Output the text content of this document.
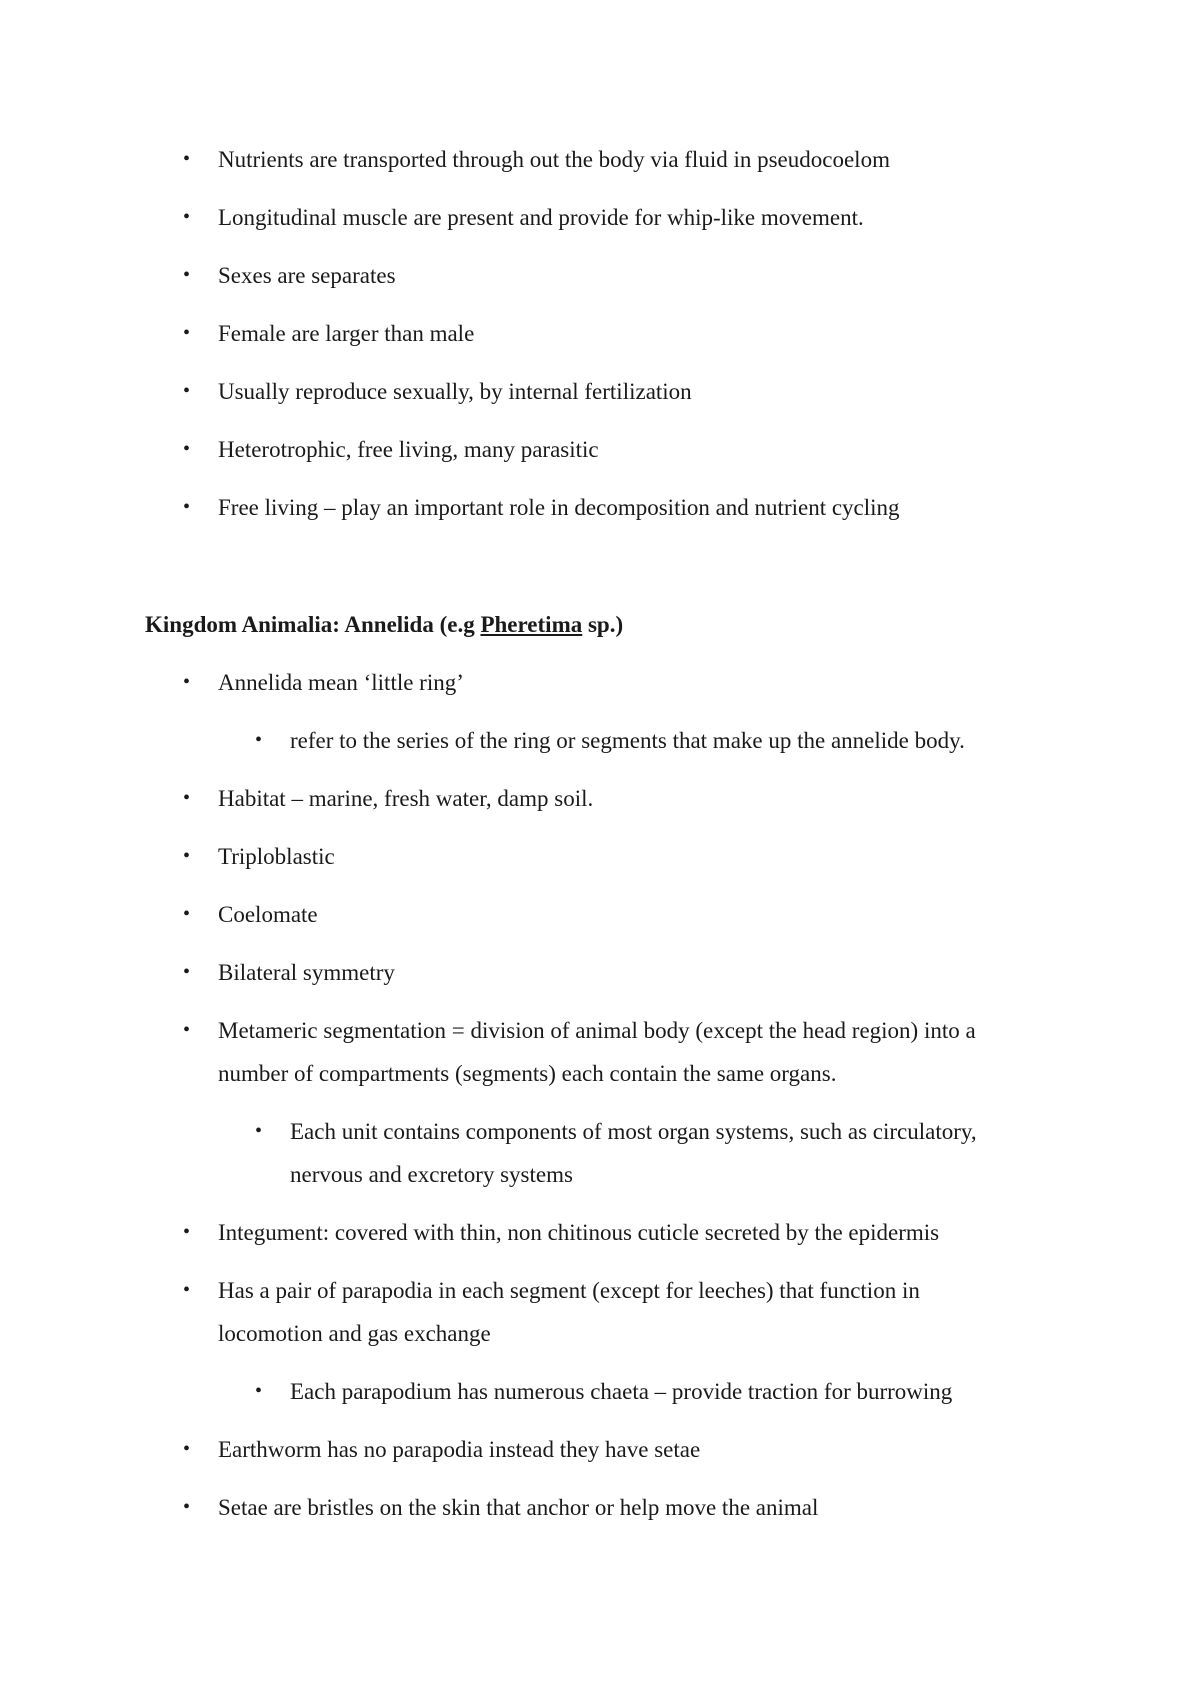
• Nutrients are transported through out the body via fluid in pseudocoelom
• Longitudinal muscle are present and provide for whip-like movement.
• Sexes are separates
• Female are larger than male
• Usually reproduce sexually, by internal fertilization
• Heterotrophic, free living, many parasitic
• Free living – play an important role in decomposition and nutrient cycling
Kingdom Animalia: Annelida (e.g Pheretima sp.)
• Annelida mean ‘little ring’
• refer to the series of the ring or segments that make up the annelide body.
• Habitat – marine, fresh water, damp soil.
• Triploblastic
• Coelomate
• Bilateral symmetry
• Metameric segmentation = division of animal body (except the head region) into a
number of compartments (segments) each contain the same organs.
• Each unit contains components of most organ systems, such as circulatory,
nervous and excretory systems
• Integument: covered with thin, non chitinous cuticle secreted by the epidermis
• Has a pair of parapodia in each segment (except for leeches) that function in
locomotion and gas exchange
• Each parapodium has numerous chaeta – provide traction for burrowing
• Earthworm has no parapodia instead they have setae
• Setae are bristles on the skin that anchor or help move the animal
